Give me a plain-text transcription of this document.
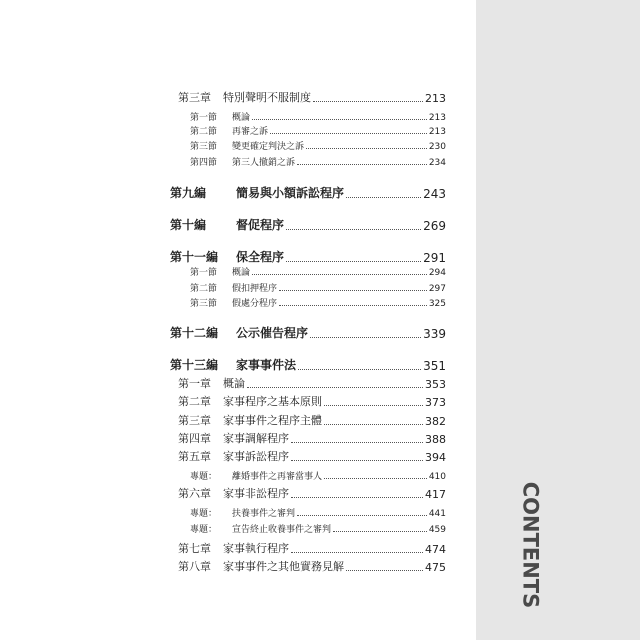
CONTENTS
第三章	特別聲明不服制度	213
第一節	概論	213
第二節	再審之訴	213
第三節	變更確定判決之訴	230
第四節	第三人撤銷之訴	234
第九編	簡易與小額訴訟程序	243
第十編	督促程序	269
第十一編	保全程序	291
第一節	概論	294
第二節	假扣押程序	297
第三節	假處分程序	325
第十二編	公示催告程序	339
第十三編	家事事件法	351
第一章	概論	353
第二章	家事程序之基本原則	373
第三章	家事事件之程序主體	382
第四章	家事調解程序	388
第五章	家事訴訟程序	394
專題：	離婚事件之再審當事人	410
第六章	家事非訟程序	417
專題：	扶養事件之審判	441
專題：	宣告終止收養事件之審判	459
第七章	家事執行程序	474
第八章	家事事件之其他實務見解	475
